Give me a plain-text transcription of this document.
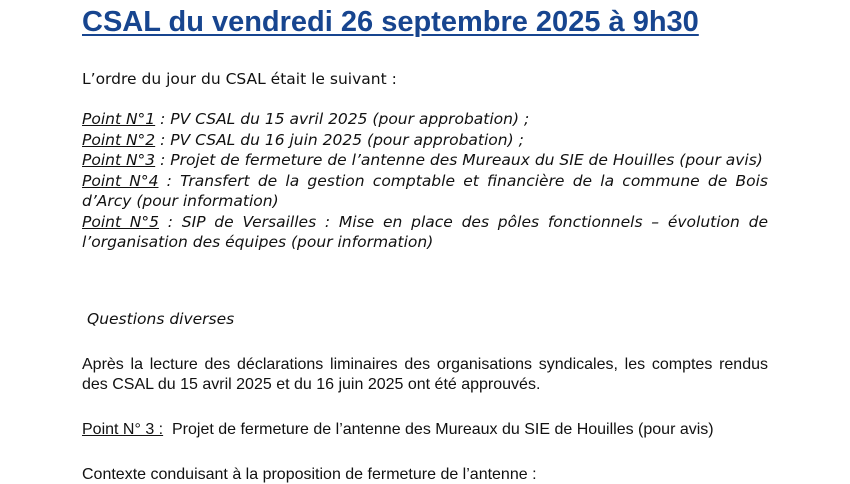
CSAL du vendredi 26 septembre 2025 à 9h30
L’ordre du jour du CSAL était le suivant :
Point N°1 : PV CSAL du 15 avril 2025 (pour approbation) ;
Point N°2 : PV CSAL du 16 juin 2025 (pour approbation) ;
Point N°3 : Projet de fermeture de l’antenne des Mureaux du SIE de Houilles (pour avis)
Point N°4 : Transfert de la gestion comptable et financière de la commune de Bois d’Arcy (pour information)
Point N°5 : SIP de Versailles : Mise en place des pôles fonctionnels – évolution de l’organisation des équipes (pour information)
Questions diverses
Après la lecture des déclarations liminaires des organisations syndicales, les comptes rendus des CSAL du 15 avril 2025 et du 16 juin 2025 ont été approuvés.
Point N° 3 :  Projet de fermeture de l’antenne des Mureaux du SIE de Houilles (pour avis)
Contexte conduisant à la proposition de fermeture de l’antenne :
